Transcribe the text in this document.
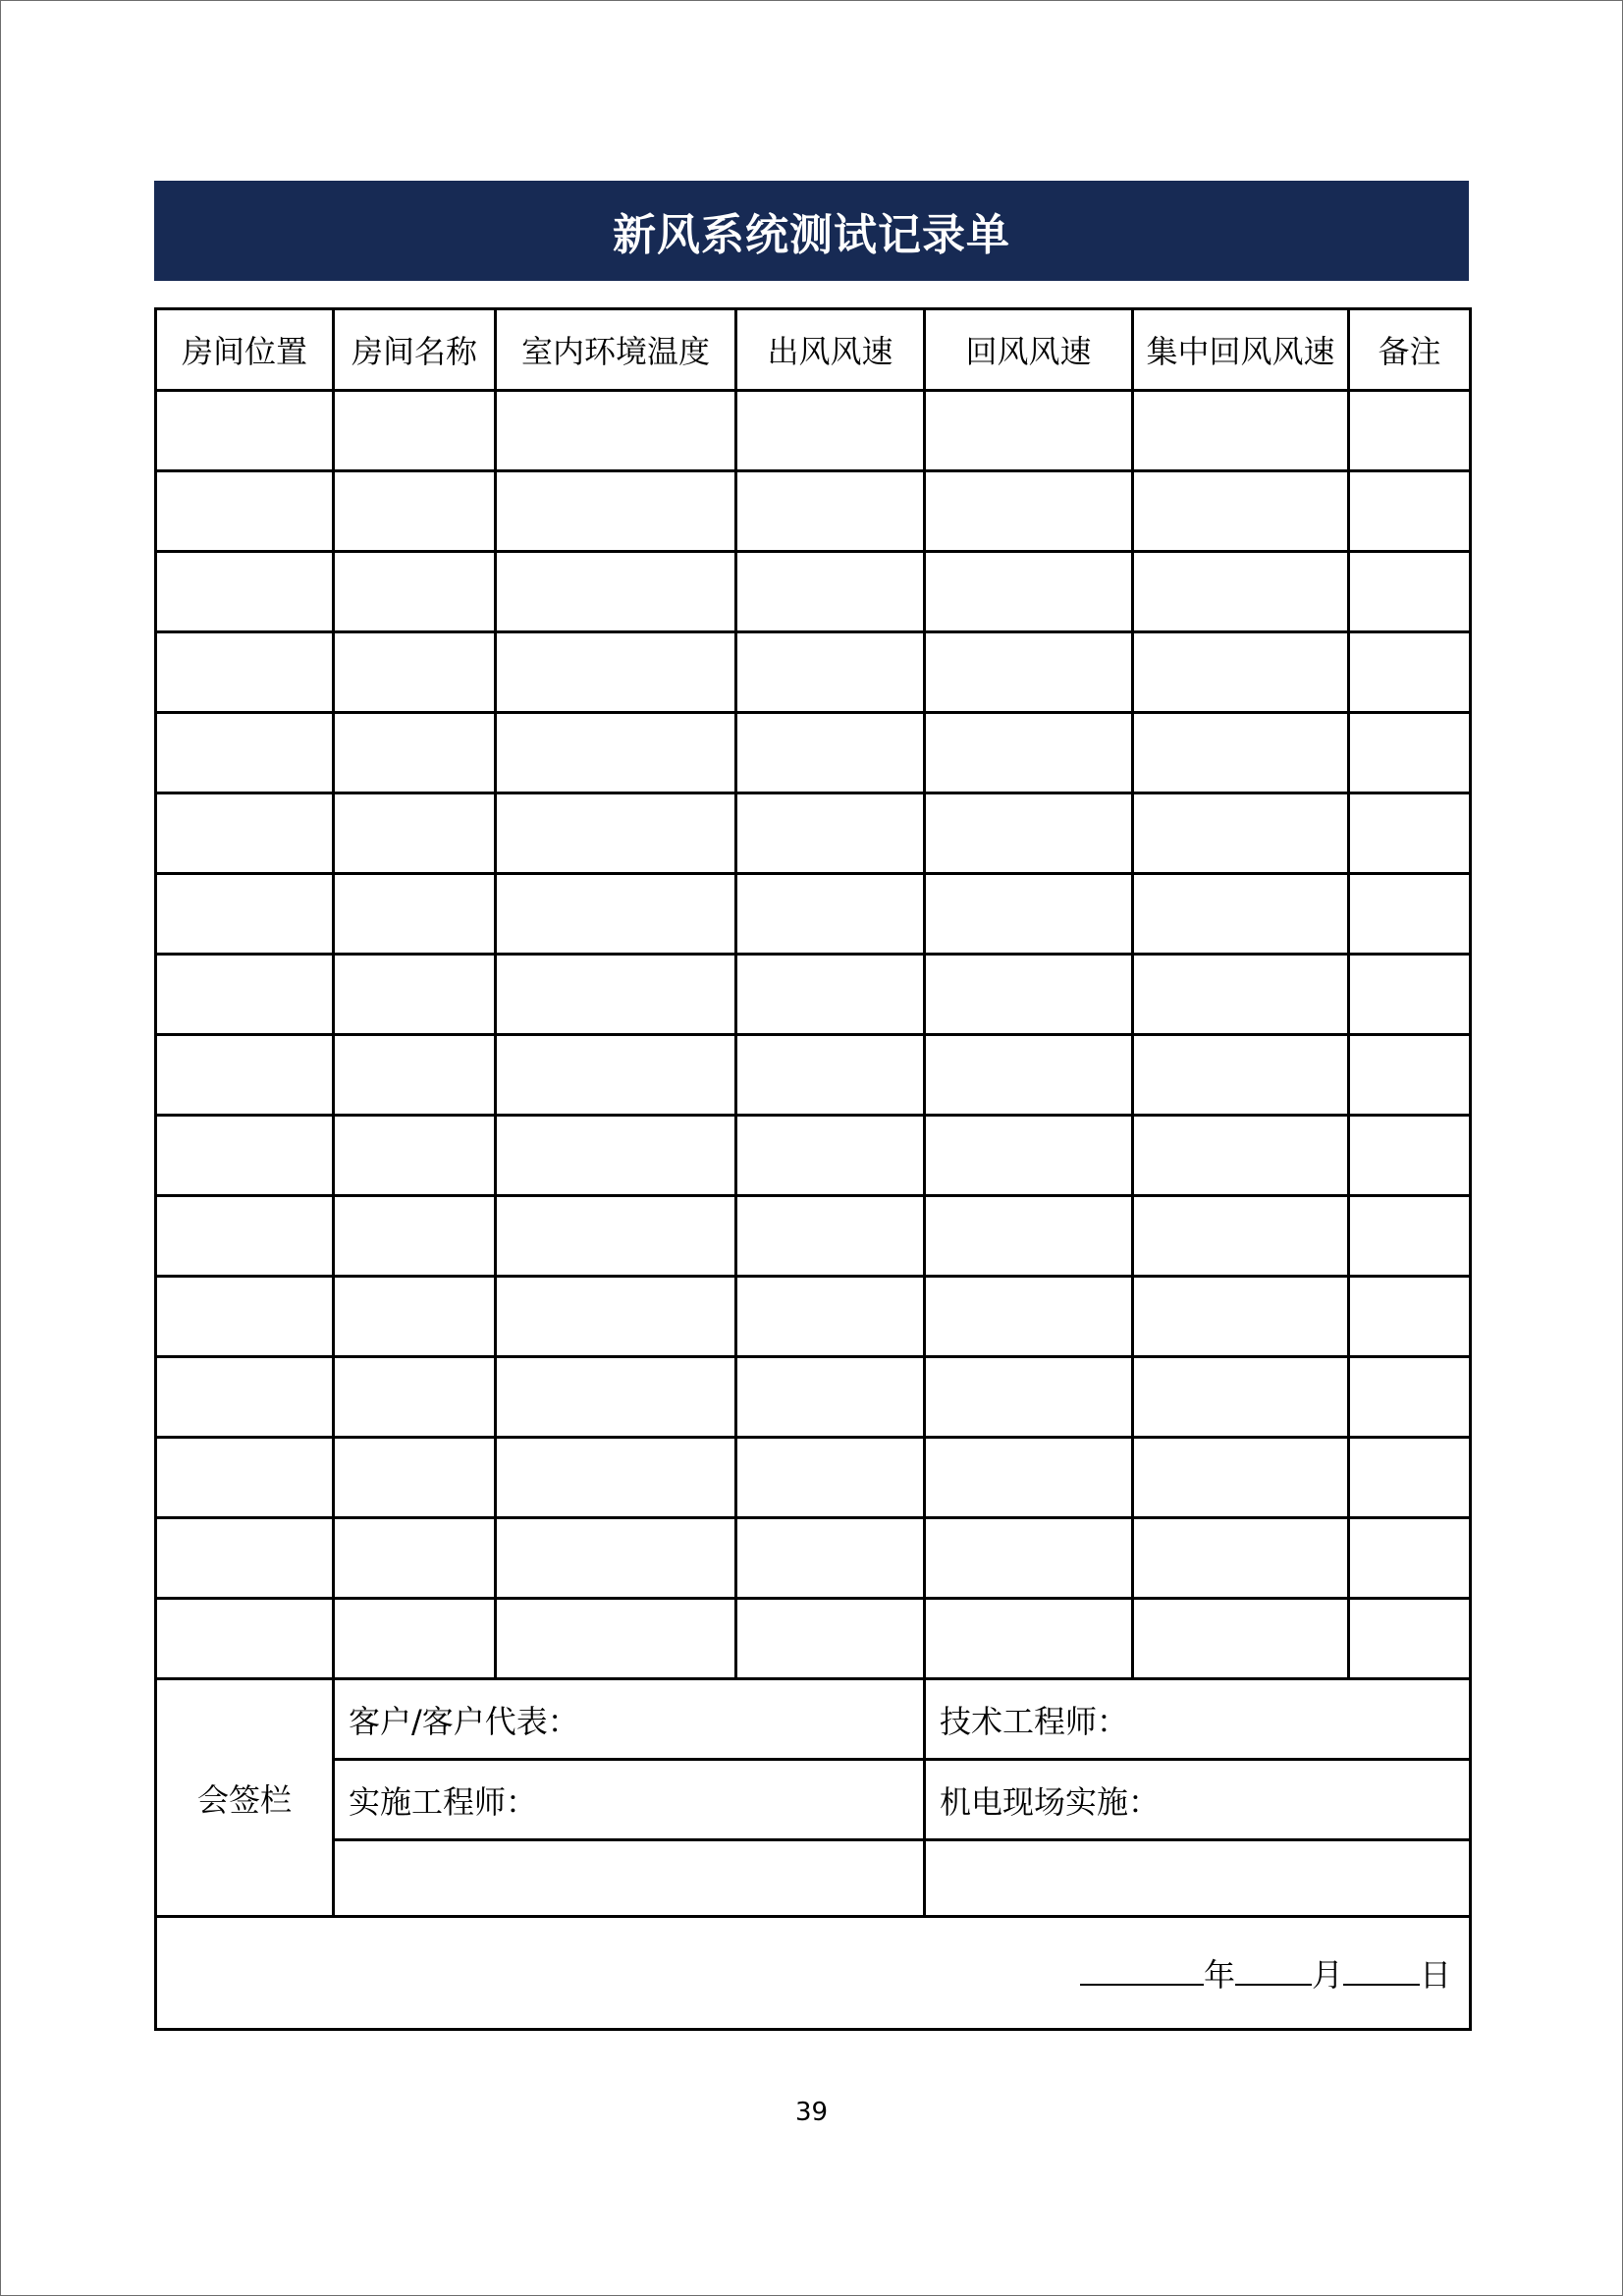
新风系统测试记录单
房间位置	房间名称	室内环境温度	出风风速	回风风速	集中回风风速	备注

会签栏	客户/客户代表：			技术工程师：		
	实施工程师：			机电现场实施：		

年 月 日						
39
